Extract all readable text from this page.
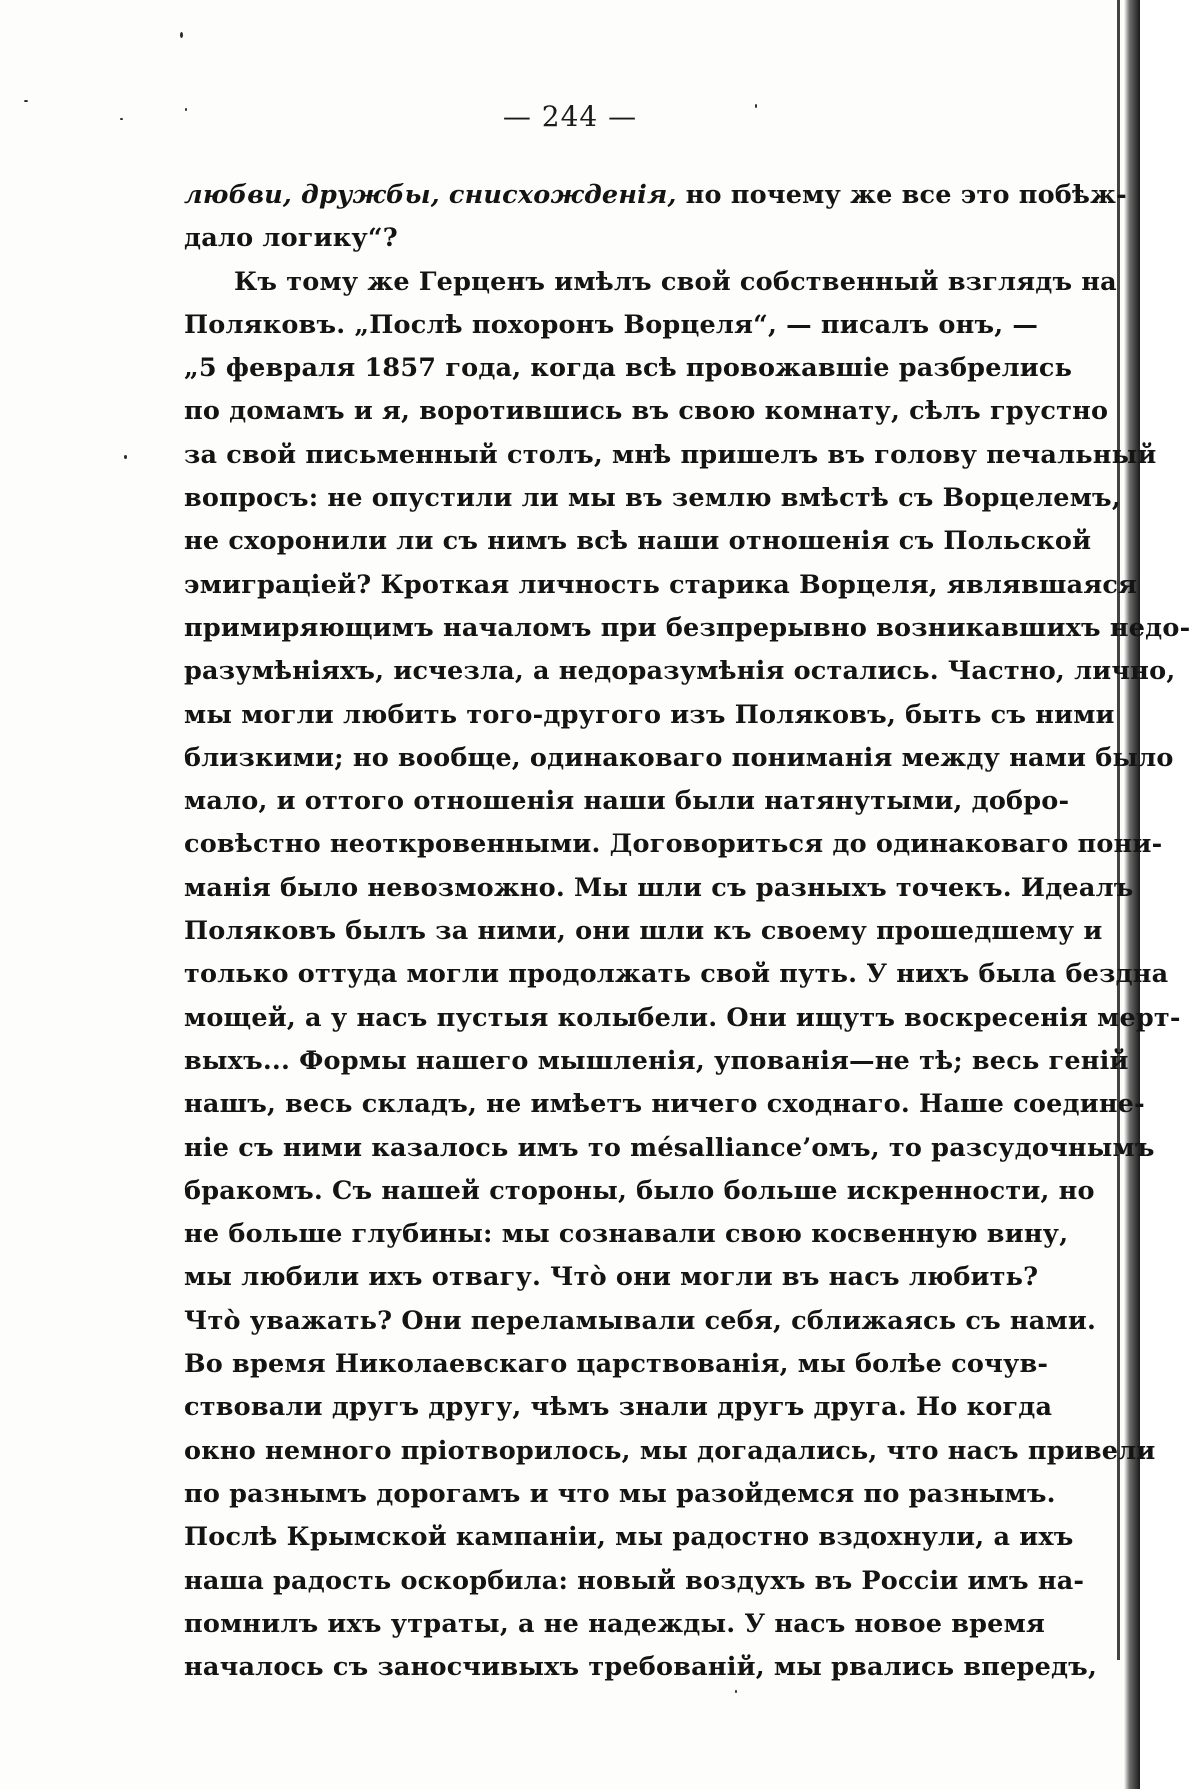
— 244 —
любви, дружбы, снисхожденія, но почему же все это побѣж-
дало логику“?
Къ тому же Герценъ имѣлъ свой собственный взглядъ на
Поляковъ. „Послѣ похоронъ Ворцеля“, — писалъ онъ, —
„5 февраля 1857 года, когда всѣ провожавшіе разбрелись
по домамъ и я, воротившись въ свою комнату, сѣлъ грустно
за свой письменный столъ, мнѣ пришелъ въ голову печальный
вопросъ: не опустили ли мы въ землю вмѣстѣ съ Ворцелемъ,
не схоронили ли съ нимъ всѣ наши отношенія съ Польской
эмиграціей? Кроткая личность старика Ворцеля, являвшаяся
примиряющимъ началомъ при безпрерывно возникавшихъ недо-
разумѣніяхъ, исчезла, а недоразумѣнія остались. Частно, лично,
мы могли любить того-другого изъ Поляковъ, быть съ ними
близкими; но вообще, одинаковаго пониманія между нами было
мало, и оттого отношенія наши были натянутыми, добро-
совѣстно неоткровенными. Договориться до одинаковаго пони-
манія было невозможно. Мы шли съ разныхъ точекъ. Идеалъ
Поляковъ былъ за ними, они шли къ своему прошедшему и
только оттуда могли продолжать свой путь. У нихъ была бездна
мощей, а у насъ пустыя колыбели. Они ищутъ воскресенія мерт-
выхъ... Формы нашего мышленія, упованія—не тѣ; весь геній
нашъ, весь складъ, не имѣетъ ничего сходнаго. Наше соедине-
ніе съ ними казалось имъ то mésalliance’омъ, то разсудочнымъ
бракомъ. Съ нашей стороны, было больше искренности, но
не больше глубины: мы сознавали свою косвенную вину,
мы любили ихъ отвагу. Чтò они могли въ насъ любить?
Чтò уважать? Они переламывали себя, сближаясь съ нами.
Во время Николаевскаго царствованія, мы болѣе сочув-
ствовали другъ другу, чѣмъ знали другъ друга. Но когда
окно немного пріотворилось, мы догадались, что насъ привели
по разнымъ дорогамъ и что мы разойдемся по разнымъ.
Послѣ Крымской кампаніи, мы радостно вздохнули, а ихъ
наша радость оскорбила: новый воздухъ въ Россіи имъ на-
помнилъ ихъ утраты, а не надежды. У насъ новое время
началось съ заносчивыхъ требованій, мы рвались впередъ,
